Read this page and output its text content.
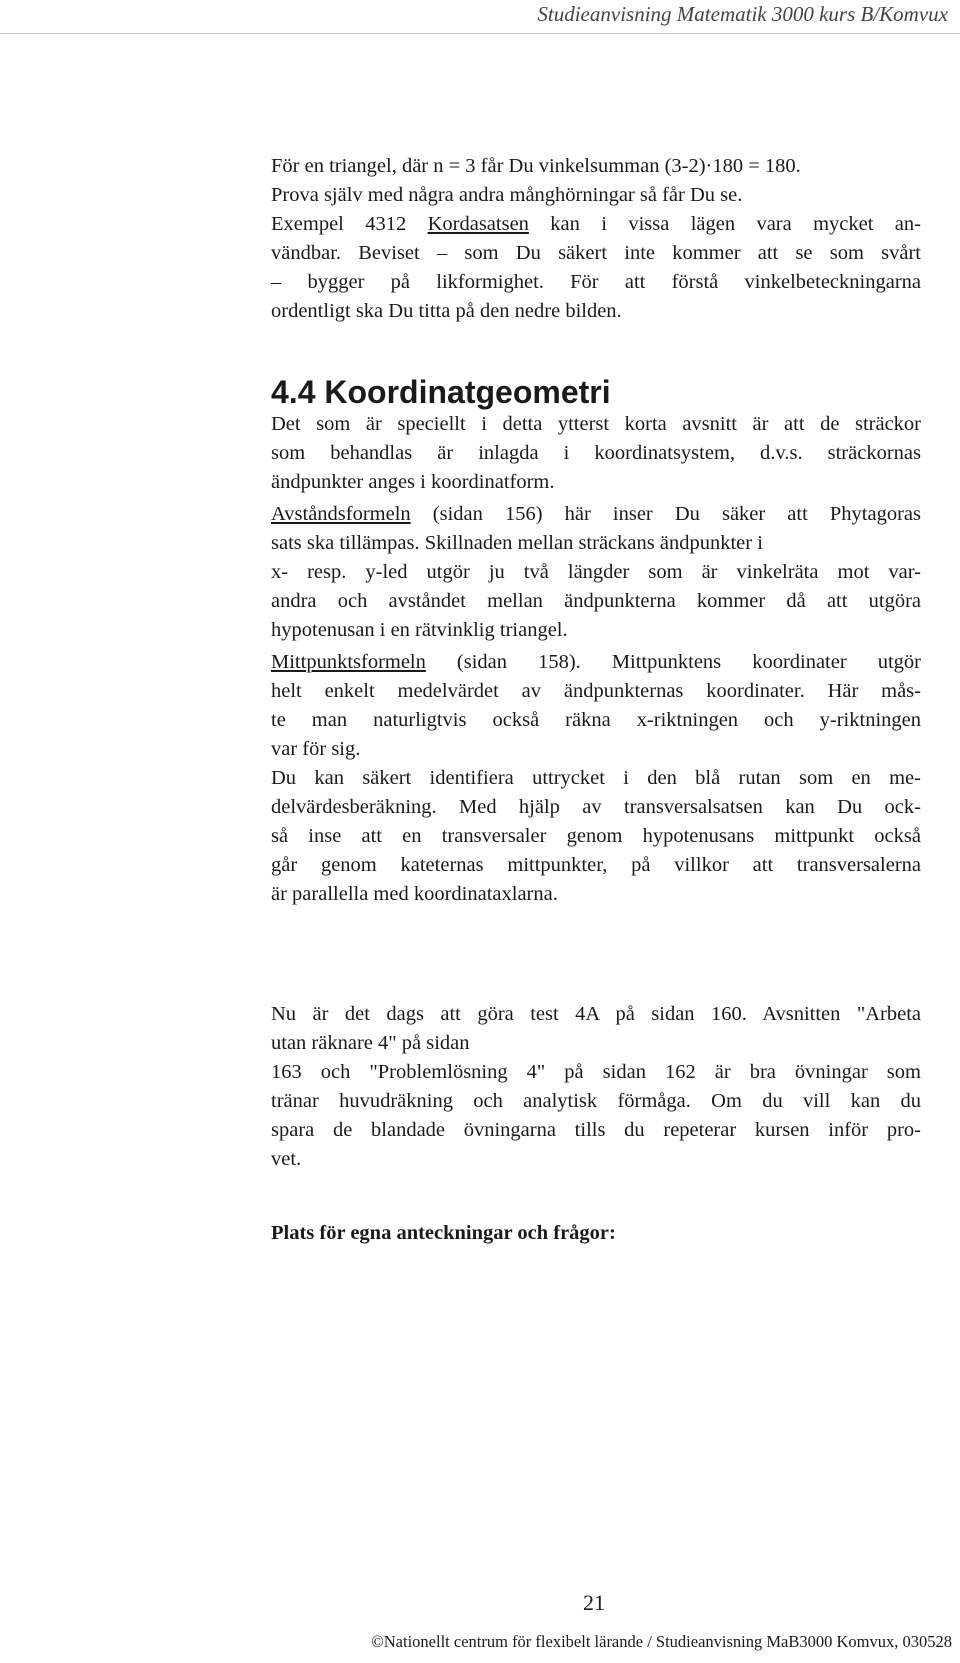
Studieanvisning Matematik 3000 kurs B/Komvux
För en triangel, där n = 3 får Du vinkelsumman (3-2)·180 = 180.
Prova själv med några andra månghörningar så får Du se.
Exempel 4312 Kordasatsen kan i vissa lägen vara mycket an-
vändbar. Beviset – som Du säkert inte kommer att se som svårt
– bygger på likformighet. För att förstå vinkelbeteckningarna
ordentligt ska Du titta på den nedre bilden.
4.4 Koordinatgeometri
Det som är speciellt i detta ytterst korta avsnitt är att de sträckor
som behandlas är inlagda i koordinatsystem, d.v.s. sträckornas
ändpunkter anges i koordinatform.
Avståndsformeln (sidan 156) här inser Du säker att Phytagoras
sats ska tillämpas. Skillnaden mellan sträckans ändpunkter i
x- resp. y-led utgör ju två längder som är vinkelräta mot var-
andra och avståndet mellan ändpunkterna kommer då att utgöra
hypotenusan i en rätvinklig triangel.
Mittpunktsformeln (sidan 158). Mittpunktens koordinater utgör
helt enkelt medelvärdet av ändpunkternas koordinater. Här mås-
te man naturligtvis också räkna x-riktningen och y-riktningen
var för sig.
Du kan säkert identifiera uttrycket i den blå rutan som en me-
delvärdesberäkning. Med hjälp av transversalsatsen kan Du ock-
så inse att en transversaler genom hypotenusans mittpunkt också
går genom kateternas mittpunkter, på villkor att transversalerna
är parallella med koordinataxlarna.
Nu är det dags att göra test 4A på sidan 160. Avsnitten "Arbeta
utan räknare 4" på sidan
163 och "Problemlösning 4" på sidan 162 är bra övningar som
tränar huvudräkning och analytisk förmåga. Om du vill kan du
spara de blandade övningarna tills du repeterar kursen inför pro-
vet.
Plats för egna anteckningar och frågor:
21
©Nationellt centrum för flexibelt lärande / Studieanvisning MaB3000 Komvux, 030528
